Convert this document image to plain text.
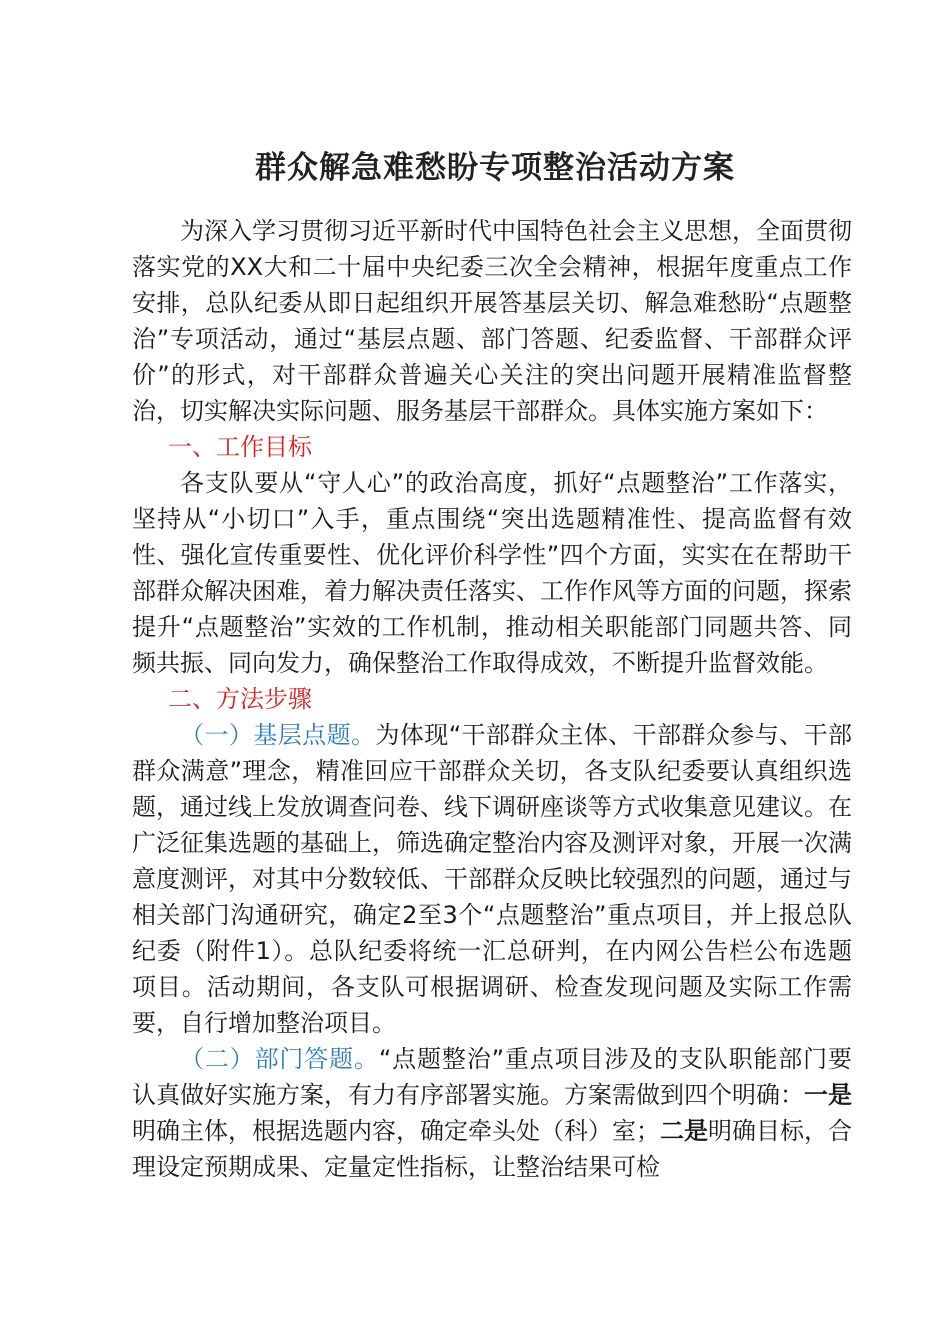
群众解急难愁盼专项整治活动方案

为深入学习贯彻习近平新时代中国特色社会主义思想，全面贯彻落实党的XX大和二十届中央纪委三次全会精神，根据年度重点工作安排，总队纪委从即日起组织开展答基层关切、解急难愁盼“点题整治”专项活动，通过“基层点题、部门答题、纪委监督、干部群众评价”的形式，对干部群众普遍关心关注的突出问题开展精准监督整治，切实解决实际问题、服务基层干部群众。具体实施方案如下：

一、工作目标

各支队要从“守人心”的政治高度，抓好“点题整治”工作落实，坚持从“小切口”入手，重点围绕“突出选题精准性、提高监督有效性、强化宣传重要性、优化评价科学性”四个方面，实实在在帮助干部群众解决困难，着力解决责任落实、工作作风等方面的问题，探索提升“点题整治”实效的工作机制，推动相关职能部门同题共答、同频共振、同向发力，确保整治工作取得成效，不断提升监督效能。

二、方法步骤

（一）基层点题。为体现“干部群众主体、干部群众参与、干部群众满意”理念，精准回应干部群众关切，各支队纪委要认真组织选题，通过线上发放调查问卷、线下调研座谈等方式收集意见建议。在广泛征集选题的基础上，筛选确定整治内容及测评对象，开展一次满意度测评，对其中分数较低、干部群众反映比较强烈的问题，通过与相关部门沟通研究，确定2至3个“点题整治”重点项目，并上报总队纪委（附件1）。总队纪委将统一汇总研判，在内网公告栏公布选题项目。活动期间，各支队可根据调研、检查发现问题及实际工作需要，自行增加整治项目。

（二）部门答题。“点题整治”重点项目涉及的支队职能部门要认真做好实施方案，有力有序部署实施。方案需做到四个明确：一是明确主体，根据选题内容，确定牵头处（科）室；二是明确目标，合理设定预期成果、定量定性指标，让整治结果可检
